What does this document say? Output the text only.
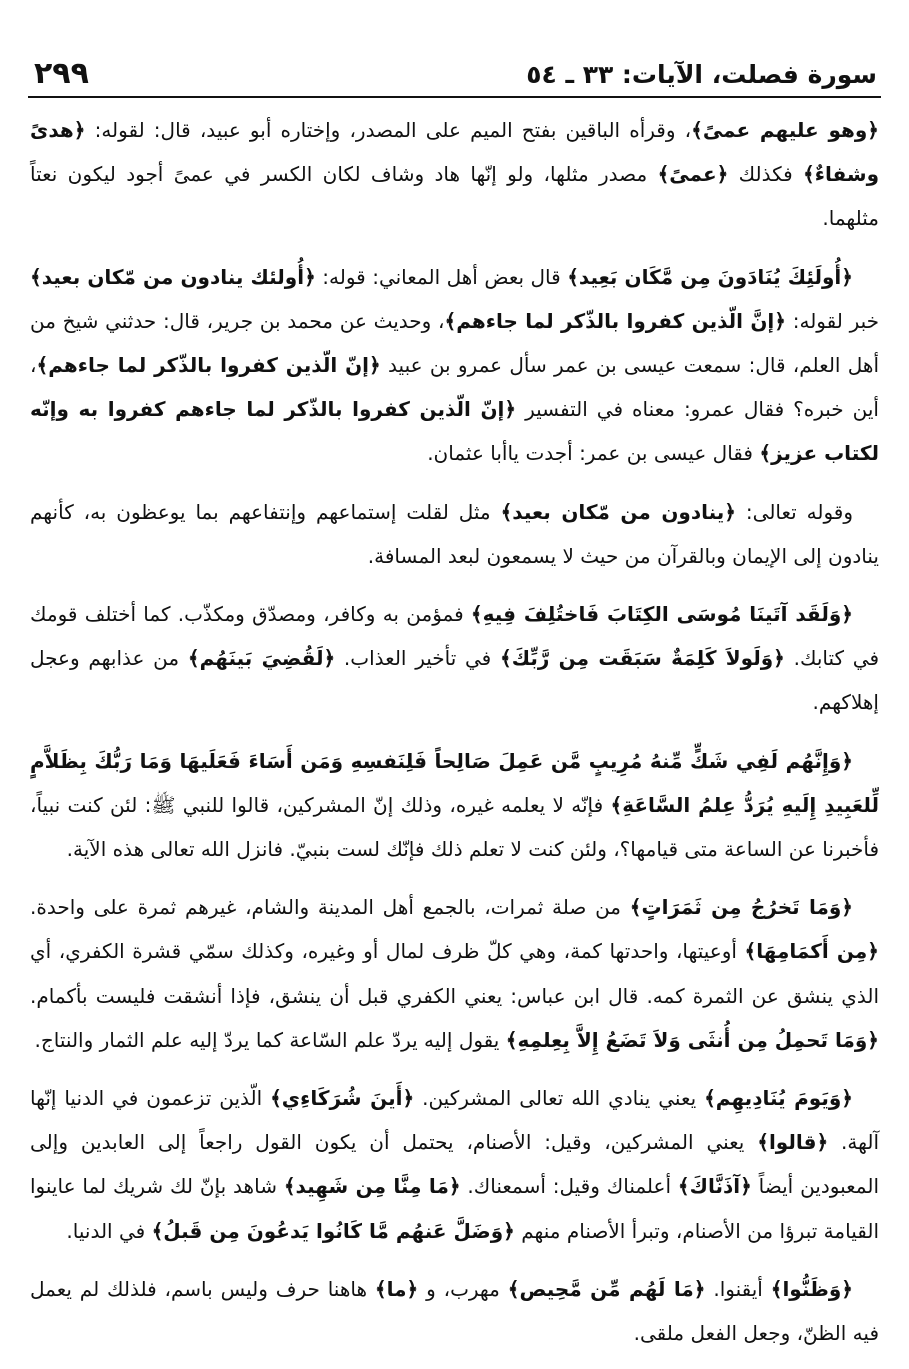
سورة فصلت، الآيات: ٣٣ ـ ٥٤
٢٩٩

﴿وهو عليهم عمىً﴾، وقرأه الباقين بفتح الميم على المصدر، وإختاره أبو عبيد، قال: لقوله: ﴿هدىً وشفاءٌ﴾ فكذلك ﴿عمىً﴾ مصدر مثلها، ولو إنّها هاد وشاف لكان الكسر في عمىً أجود ليكون نعتاً مثلهما.

﴿أُولَئِكَ يُنَادَونَ مِن مَّكَان بَعِيد﴾ قال بعض أهل المعاني: قوله: ﴿أُولئك ينادون من مّكان بعيد﴾ خبر لقوله: ﴿إنَّ الّذين كفروا بالذّكر لما جاءهم﴾، وحديث عن محمد بن جرير، قال: حدثني شيخ من أهل العلم، قال: سمعت عيسى بن عمر سأل عمرو بن عبيد ﴿إنّ الّذين كفروا بالذّكر لما جاءهم﴾، أين خبره؟ فقال عمرو: معناه في التفسير ﴿إنّ الّذين كفروا بالذّكر لما جاءهم كفروا به وإنّه لكتاب عزيز﴾ فقال عيسى بن عمر: أجدت ياأبا عثمان.

وقوله تعالى: ﴿ينادون من مّكان بعيد﴾ مثل لقلت إستماعهم وإنتفاعهم بما يوعظون به، كأنهم ينادون إلى الإيمان وبالقرآن من حيث لا يسمعون لبعد المسافة.

﴿وَلَقَد آتَينَا مُوسَى الكِتَابَ فَاختُلِفَ فِيهِ﴾ فمؤمن به وكافر، ومصدّق ومكذّب. كما أختلف قومك في كتابك. ﴿وَلَولاَ كَلِمَةٌ سَبَقَت مِن رَّبِّكَ﴾ في تأخير العذاب. ﴿لَقُضِيَ بَينَهُم﴾ من عذابهم وعجل إهلاكهم.

﴿وَإِنَّهُم لَفِي شَكٍّ مِّنهُ مُرِيبٍ مَّن عَمِلَ صَالِحاً فَلِنَفسِهِ وَمَن أَسَاءَ فَعَلَيهَا وَمَا رَبُّكَ بِظَلاَّمٍ لِّلعَبِيدِ إِلَيهِ يُرَدُّ عِلمُ السَّاعَةِ﴾ فإنّه لا يعلمه غيره، وذلك إنّ المشركين، قالوا للنبي ﷺ: لئن كنت نبياً، فأخبرنا عن الساعة متى قيامها؟، ولئن كنت لا تعلم ذلك فإنّك لست بنبيّ. فانزل الله تعالى هذه الآية.

﴿وَمَا تَخرُجُ مِن ثَمَرَاتٍ﴾ من صلة ثمرات، بالجمع أهل المدينة والشام، غيرهم ثمرة على واحدة. ﴿مِن أَكمَامِهَا﴾ أوعيتها، واحدتها كمة، وهي كلّ ظرف لمال أو وغيره، وكذلك سمّي قشرة الكفري، أي الذي ينشق عن الثمرة كمه. قال ابن عباس: يعني الكفري قبل أن ينشق، فإذا أنشقت فليست بأكمام. ﴿وَمَا تَحمِلُ مِن أُنثَى وَلاَ تَضَعُ إِلاَّ بِعِلمِهِ﴾ يقول إليه يردّ علم السّاعة كما يردّ إليه علم الثمار والنتاج.

﴿وَيَومَ يُنَادِيهِم﴾ يعني ينادي الله تعالى المشركين. ﴿أَينَ شُرَكَاءِي﴾ الّذين تزعمون في الدنيا إنّها آلهة. ﴿قالوا﴾ يعني المشركين، وقيل: الأصنام، يحتمل أن يكون القول راجعاً إلى العابدين وإلى المعبودين أيضاً ﴿آذَنَّاكَ﴾ أعلمناك وقيل: أسمعناك. ﴿مَا مِنَّا مِن شَهِيد﴾ شاهد بإنّ لك شريك لما عاينوا القيامة تبرؤا من الأصنام، وتبرأ الأصنام منهم ﴿وَضَلَّ عَنهُم مَّا كَانُوا يَدعُونَ مِن قَبلُ﴾ في الدنيا.

﴿وَظَنُّوا﴾ أيقنوا. ﴿مَا لَهُم مِّن مَّحِيص﴾ مهرب، و ﴿ما﴾ هاهنا حرف وليس باسم، فلذلك لم يعمل فيه الظنّ، وجعل الفعل ملقى.
